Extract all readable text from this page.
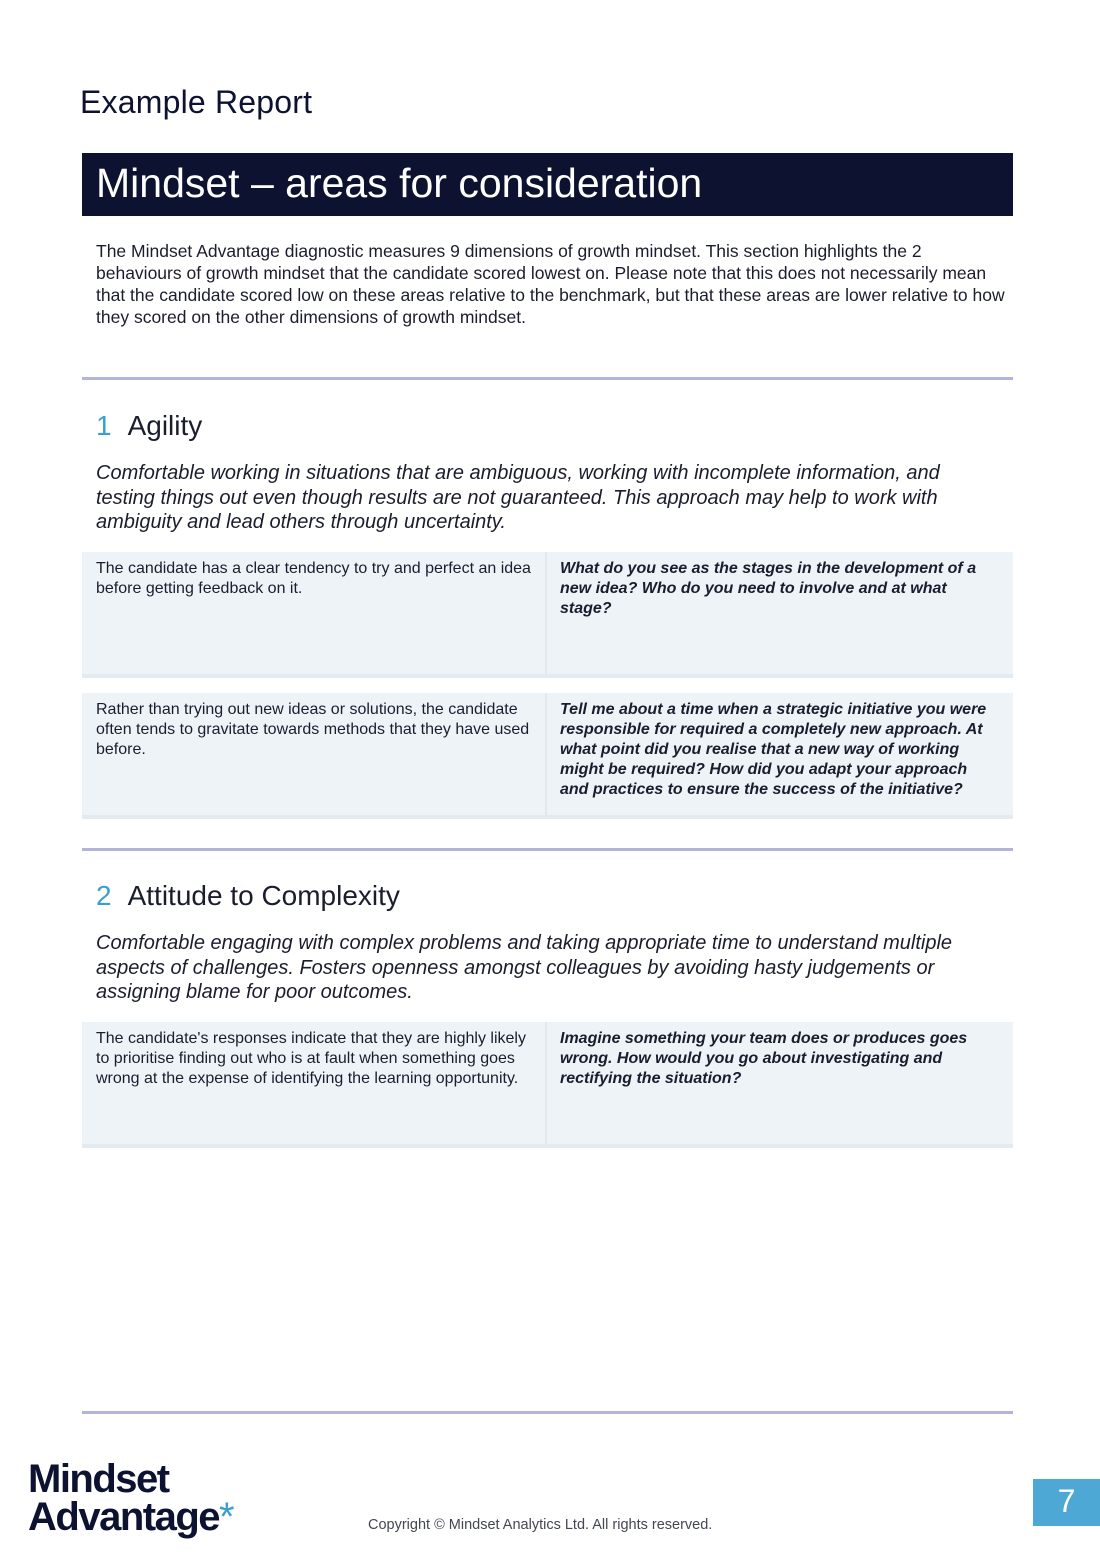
Example Report
Mindset – areas for consideration
The Mindset Advantage diagnostic measures 9 dimensions of growth mindset. This section highlights the 2 behaviours of growth mindset that the candidate scored lowest on. Please note that this does not necessarily mean that the candidate scored low on these areas relative to the benchmark, but that these areas are lower relative to how they scored on the other dimensions of growth mindset.
1 Agility
Comfortable working in situations that are ambiguous, working with incomplete information, and testing things out even though results are not guaranteed. This approach may help to work with ambiguity and lead others through uncertainty.
The candidate has a clear tendency to try and perfect an idea before getting feedback on it.
What do you see as the stages in the development of a new idea? Who do you need to involve and at what stage?
Rather than trying out new ideas or solutions, the candidate often tends to gravitate towards methods that they have used before.
Tell me about a time when a strategic initiative you were responsible for required a completely new approach. At what point did you realise that a new way of working might be required? How did you adapt your approach and practices to ensure the success of the initiative?
2 Attitude to Complexity
Comfortable engaging with complex problems and taking appropriate time to understand multiple aspects of challenges. Fosters openness amongst colleagues by avoiding hasty judgements or assigning blame for poor outcomes.
The candidate's responses indicate that they are highly likely to prioritise finding out who is at fault when something goes wrong at the expense of identifying the learning opportunity.
Imagine something your team does or produces goes wrong. How would you go about investigating and rectifying the situation?
Mindset
Advantage*	Copyright © Mindset Analytics Ltd. All rights reserved.
7
